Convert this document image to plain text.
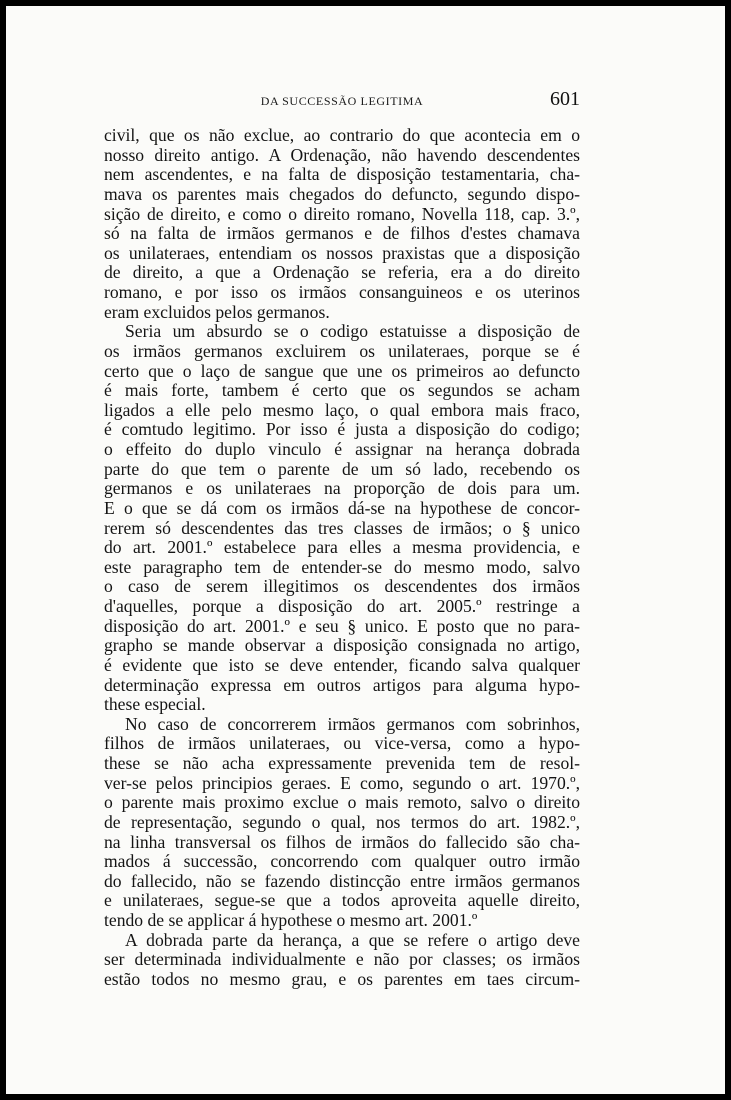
DA SUCCESSÃO LEGITIMA	601
civil, que os não exclue, ao contrario do que acontecia em o
nosso direito antigo. A Ordenação, não havendo descendentes
nem ascendentes, e na falta de disposição testamentaria, cha-
mava os parentes mais chegados do defuncto, segundo dispo-
sição de direito, e como o direito romano, Novella 118, cap. 3.º,
só na falta de irmãos germanos e de filhos d'estes chamava
os unilateraes, entendiam os nossos praxistas que a disposição
de direito, a que a Ordenação se referia, era a do direito
romano, e por isso os irmãos consanguineos e os uterinos
eram excluidos pelos germanos.
Seria um absurdo se o codigo estatuisse a disposição de
os irmãos germanos excluirem os unilateraes, porque se é
certo que o laço de sangue que une os primeiros ao defuncto
é mais forte, tambem é certo que os segundos se acham
ligados a elle pelo mesmo laço, o qual embora mais fraco,
é comtudo legitimo. Por isso é justa a disposição do codigo;
o effeito do duplo vinculo é assignar na herança dobrada
parte do que tem o parente de um só lado, recebendo os
germanos e os unilateraes na proporção de dois para um.
E o que se dá com os irmãos dá-se na hypothese de concor-
rerem só descendentes das tres classes de irmãos; o § unico
do art. 2001.º estabelece para elles a mesma providencia, e
este paragrapho tem de entender-se do mesmo modo, salvo
o caso de serem illegitimos os descendentes dos irmãos
d'aquelles, porque a disposição do art. 2005.º restringe a
disposição do art. 2001.º e seu § unico. E posto que no para-
grapho se mande observar a disposição consignada no artigo,
é evidente que isto se deve entender, ficando salva qualquer
determinação expressa em outros artigos para alguma hypo-
these especial.
No caso de concorrerem irmãos germanos com sobrinhos,
filhos de irmãos unilateraes, ou vice-versa, como a hypo-
these se não acha expressamente prevenida tem de resol-
ver-se pelos principios geraes. E como, segundo o art. 1970.º,
o parente mais proximo exclue o mais remoto, salvo o direito
de representação, segundo o qual, nos termos do art. 1982.º,
na linha transversal os filhos de irmãos do fallecido são cha-
mados á successão, concorrendo com qualquer outro irmão
do fallecido, não se fazendo distincção entre irmãos germanos
e unilateraes, segue-se que a todos aproveita aquelle direito,
tendo de se applicar á hypothese o mesmo art. 2001.º
A dobrada parte da herança, a que se refere o artigo deve
ser determinada individualmente e não por classes; os irmãos
estão todos no mesmo grau, e os parentes em taes circum-
